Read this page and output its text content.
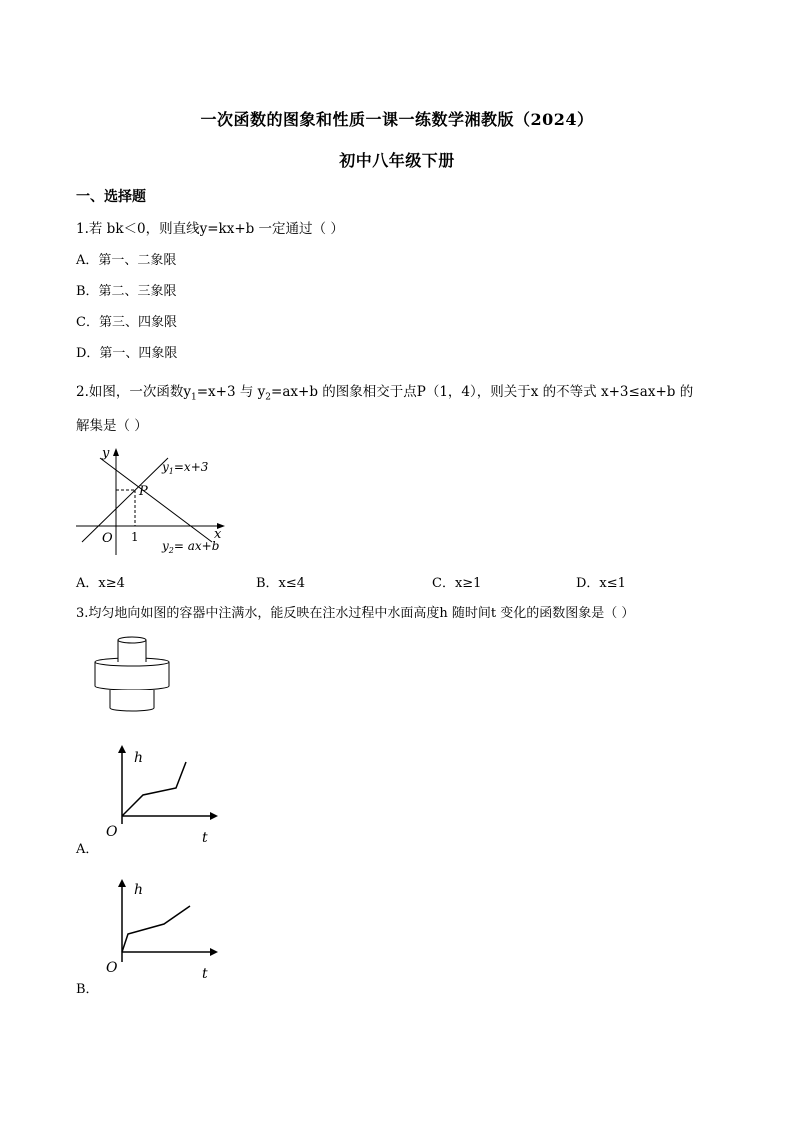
一次函数的图象和性质一课一练数学湘教版（2024）
初中八年级下册
一、选择题
1.若 bk＜0，则直线y=kx+b 一定通过（ ）
A．第一、二象限
B．第二、三象限
C．第三、四象限
D．第一、四象限
2.如图，一次函数$y_1=x+3$ 与 $y_2=ax+b$ 的图象相交于点P（1，4），则关于x 的不等式 x+3≤ax+b 的
解集是（ ）
y
x
O 1
P
$y_1=x+3$
$y_2= ax+b$
A．x≥4	B．x≤4	C．x≥1	D．x≤1
3.均匀地向如图的容器中注满水，能反映在注水过程中水面高度h 随时间t 变化的函数图象是（ ）
h
t
O
A．
h
t
O
B．
